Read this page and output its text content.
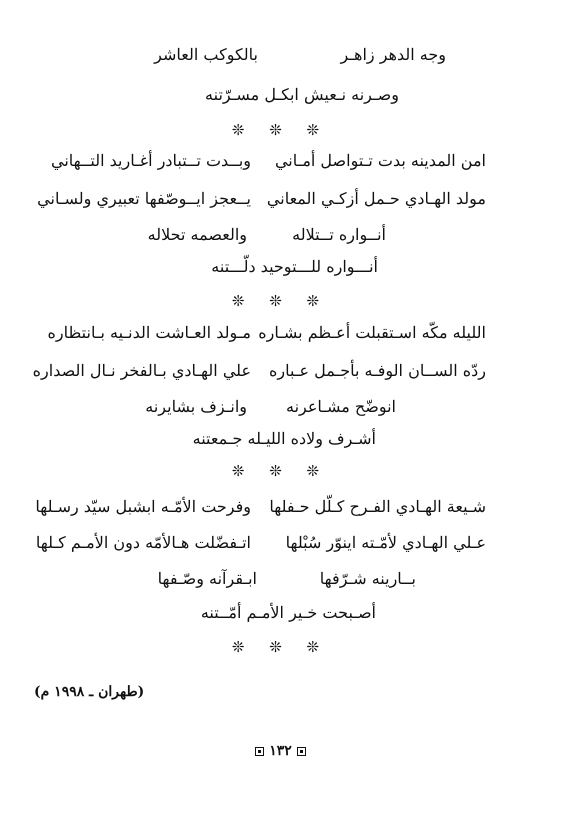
وجه الدهر زاهـر
بالكوكب العاشر
وصـرنه نـعيش ابكـل مسـرّتنه
❊ ❊ ❊
امن المدينه بدت تـتواصل أمـاني
وبــدت تــتبادر أغـاريد التــهاني
مولد الهـادي حـمل أزكـي المعاني
يــعجز ايــوصّفها تعبيري ولسـاني
أنــواره تــتلاله
والعصمه تحلاله
أنـــواره للـــتوحيد دلّـــتنه
❊ ❊ ❊
الليله مكّه اسـتقبلت أعـظم بشـاره
مـولد العـاشت الدنـيه بـانتظاره
ردّه الســان الوفـه بأجـمل عـباره
علي الهـادي بـالفخر نـال الصداره
انوضّح مشـاعرنه
وانـزف بشايرنه
أشـرف ولاده الليـله جـمعتنه
❊ ❊ ❊
شـيعة الهـادي الفـرح كـلّل حـفلها
وفرحت الأمّـه ابشبل سيّد رسـلها
عـلي الهـادي لأمّـته اينوّر سُبْلها
اتـفضّلت هـالأمّه دون الأمـم كـلها
بــارينه شـرّفها
ابـقرآنه وصّـفها
أصـبحت خـير الأمـم أمّــتنه
❊ ❊ ❊
(طهران ـ ١٩٩٨ م)
١٣٢
